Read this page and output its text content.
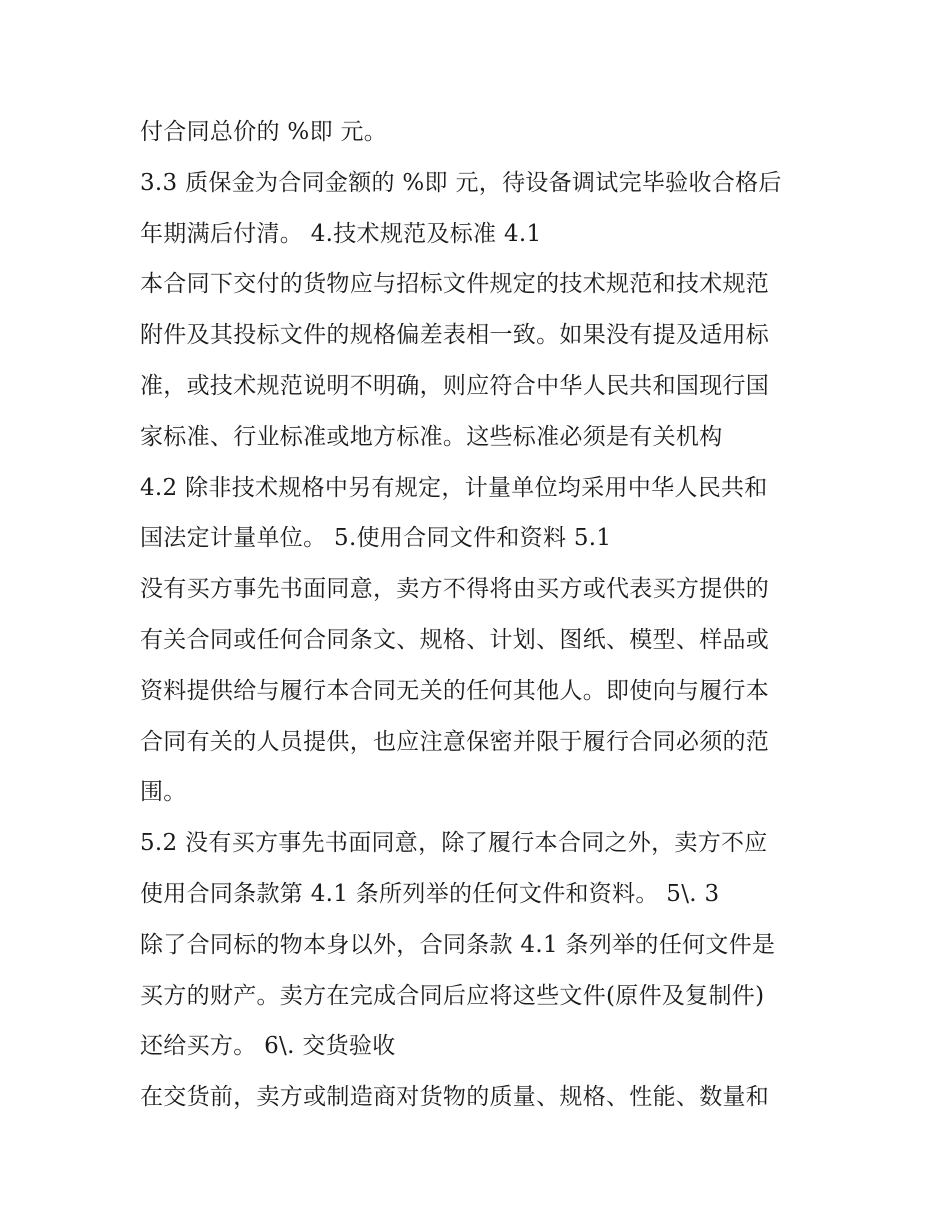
付合同总价的 %即 元。
3.3 质保金为合同金额的 %即 元，待设备调试完毕验收合格后
年期满后付清。 4.技术规范及标准 4.1
本合同下交付的货物应与招标文件规定的技术规范和技术规范
附件及其投标文件的规格偏差表相一致。如果没有提及适用标
准，或技术规范说明不明确，则应符合中华人民共和国现行国
家标准、行业标准或地方标准。这些标准必须是有关机构
4.2 除非技术规格中另有规定，计量单位均采用中华人民共和
国法定计量单位。 5.使用合同文件和资料 5.1
没有买方事先书面同意，卖方不得将由买方或代表买方提供的
有关合同或任何合同条文、规格、计划、图纸、模型、样品或
资料提供给与履行本合同无关的任何其他人。即使向与履行本
合同有关的人员提供，也应注意保密并限于履行合同必须的范
围。
5.2 没有买方事先书面同意，除了履行本合同之外，卖方不应
使用合同条款第 4.1 条所列举的任何文件和资料。 5\. 3
除了合同标的物本身以外，合同条款 4.1 条列举的任何文件是
买方的财产。卖方在完成合同后应将这些文件(原件及复制件)
还给买方。 6\. 交货验收
在交货前，卖方或制造商对货物的质量、规格、性能、数量和
